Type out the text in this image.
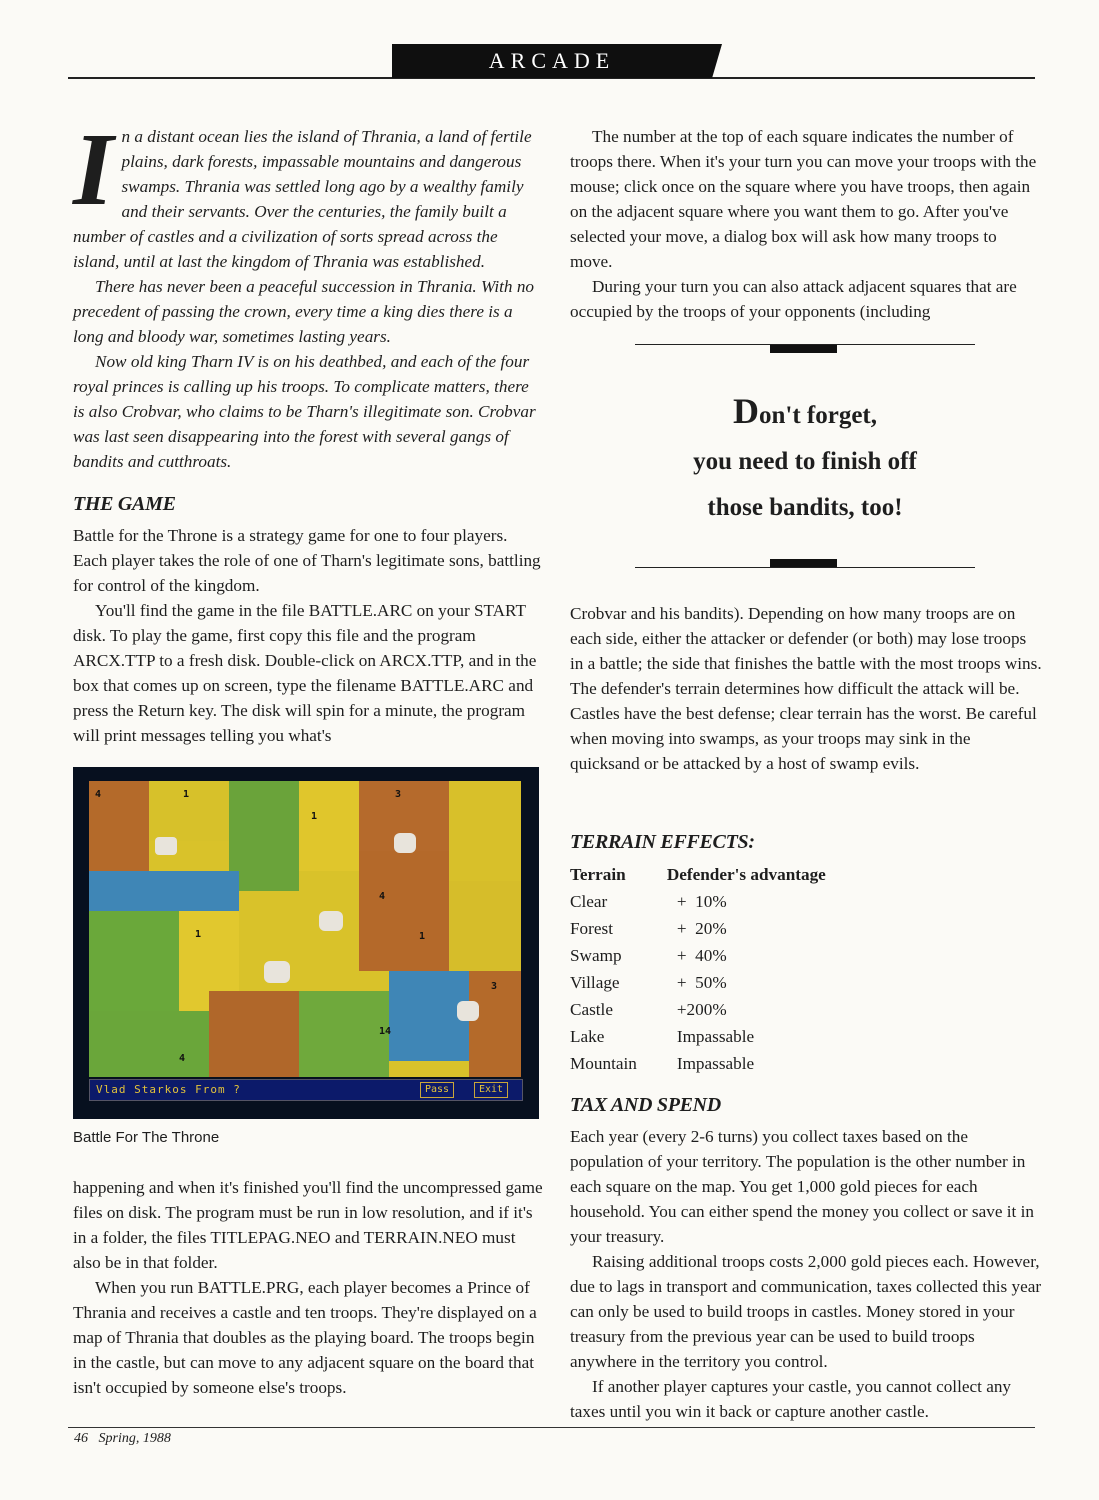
ARCADE
I n a distant ocean lies the island of Thrania, a land of fertile plains, dark forests, impassable mountains and dangerous swamps. Thrania was settled long ago by a wealthy family and their servants. Over the centuries, the family built a number of castles and a civilization of sorts spread across the island, until at last the kingdom of Thrania was established.

There has never been a peaceful succession in Thrania. With no precedent of passing the crown, every time a king dies there is a long and bloody war, sometimes lasting years.

Now old king Tharn IV is on his deathbed, and each of the four royal princes is calling up his troops. To complicate matters, there is also Crobvar, who claims to be Tharn's illegitimate son. Crobvar was last seen disappearing into the forest with several gangs of bandits and cutthroats.

THE GAME

Battle for the Throne is a strategy game for one to four players. Each player takes the role of one of Tharn's legitimate sons, battling for control of the kingdom.

You'll find the game in the file BATTLE.ARC on your START disk. To play the game, first copy this file and the program ARCX.TTP to a fresh disk. Double-click on ARCX.TTP, and in the box that comes up on screen, type the filename BATTLE.ARC and press the Return key. The disk will spin for a minute, the program will print messages telling you what's

4	1
1
3
1
4
1
3
4
14
Vlad Starkos From ?	Pass	Exit
Battle For The Throne

happening and when it's finished you'll find the uncompressed game files on disk. The program must be run in low resolution, and if it's in a folder, the files TITLEPAG.NEO and TERRAIN.NEO must also be in that folder.

When you run BATTLE.PRG, each player becomes a Prince of Thrania and receives a castle and ten troops. They're displayed on a map of Thrania that doubles as the playing board. The troops begin in the castle, but can move to any adjacent square on the board that isn't occupied by someone else's troops.

The number at the top of each square indicates the number of troops there. When it's your turn you can move your troops with the mouse; click once on the square where you have troops, then again on the adjacent square where you want them to go. After you've selected your move, a dialog box will ask how many troops to move.

During your turn you can also attack adjacent squares that are occupied by the troops of your opponents (including

Don't forget,
you need to finish off
those bandits, too!

Crobvar and his bandits). Depending on how many troops are on each side, either the attacker or defender (or both) may lose troops in a battle; the side that finishes the battle with the most troops wins. The defender's terrain determines how difficult the attack will be. Castles have the best defense; clear terrain has the worst. Be careful when moving into swamps, as your troops may sink in the quicksand or be attacked by a host of swamp evils.

TERRAIN EFFECTS:
Terrain	Defender's advantage
Clear	+  10%
Forest	+  20%
Swamp	+  40%
Village	+  50%
Castle	+200%
Lake	Impassable
Mountain	Impassable
TAX AND SPEND

Each year (every 2-6 turns) you collect taxes based on the population of your territory. The population is the other number in each square on the map. You get 1,000 gold pieces for each household. You can either spend the money you collect or save it in your treasury.

Raising additional troops costs 2,000 gold pieces each. However, due to lags in transport and communication, taxes collected this year can only be used to build troops in castles. Money stored in your treasury from the previous year can be used to build troops anywhere in the territory you control.

If another player captures your castle, you cannot collect any taxes until you win it back or capture another castle.

46 Spring, 1988
